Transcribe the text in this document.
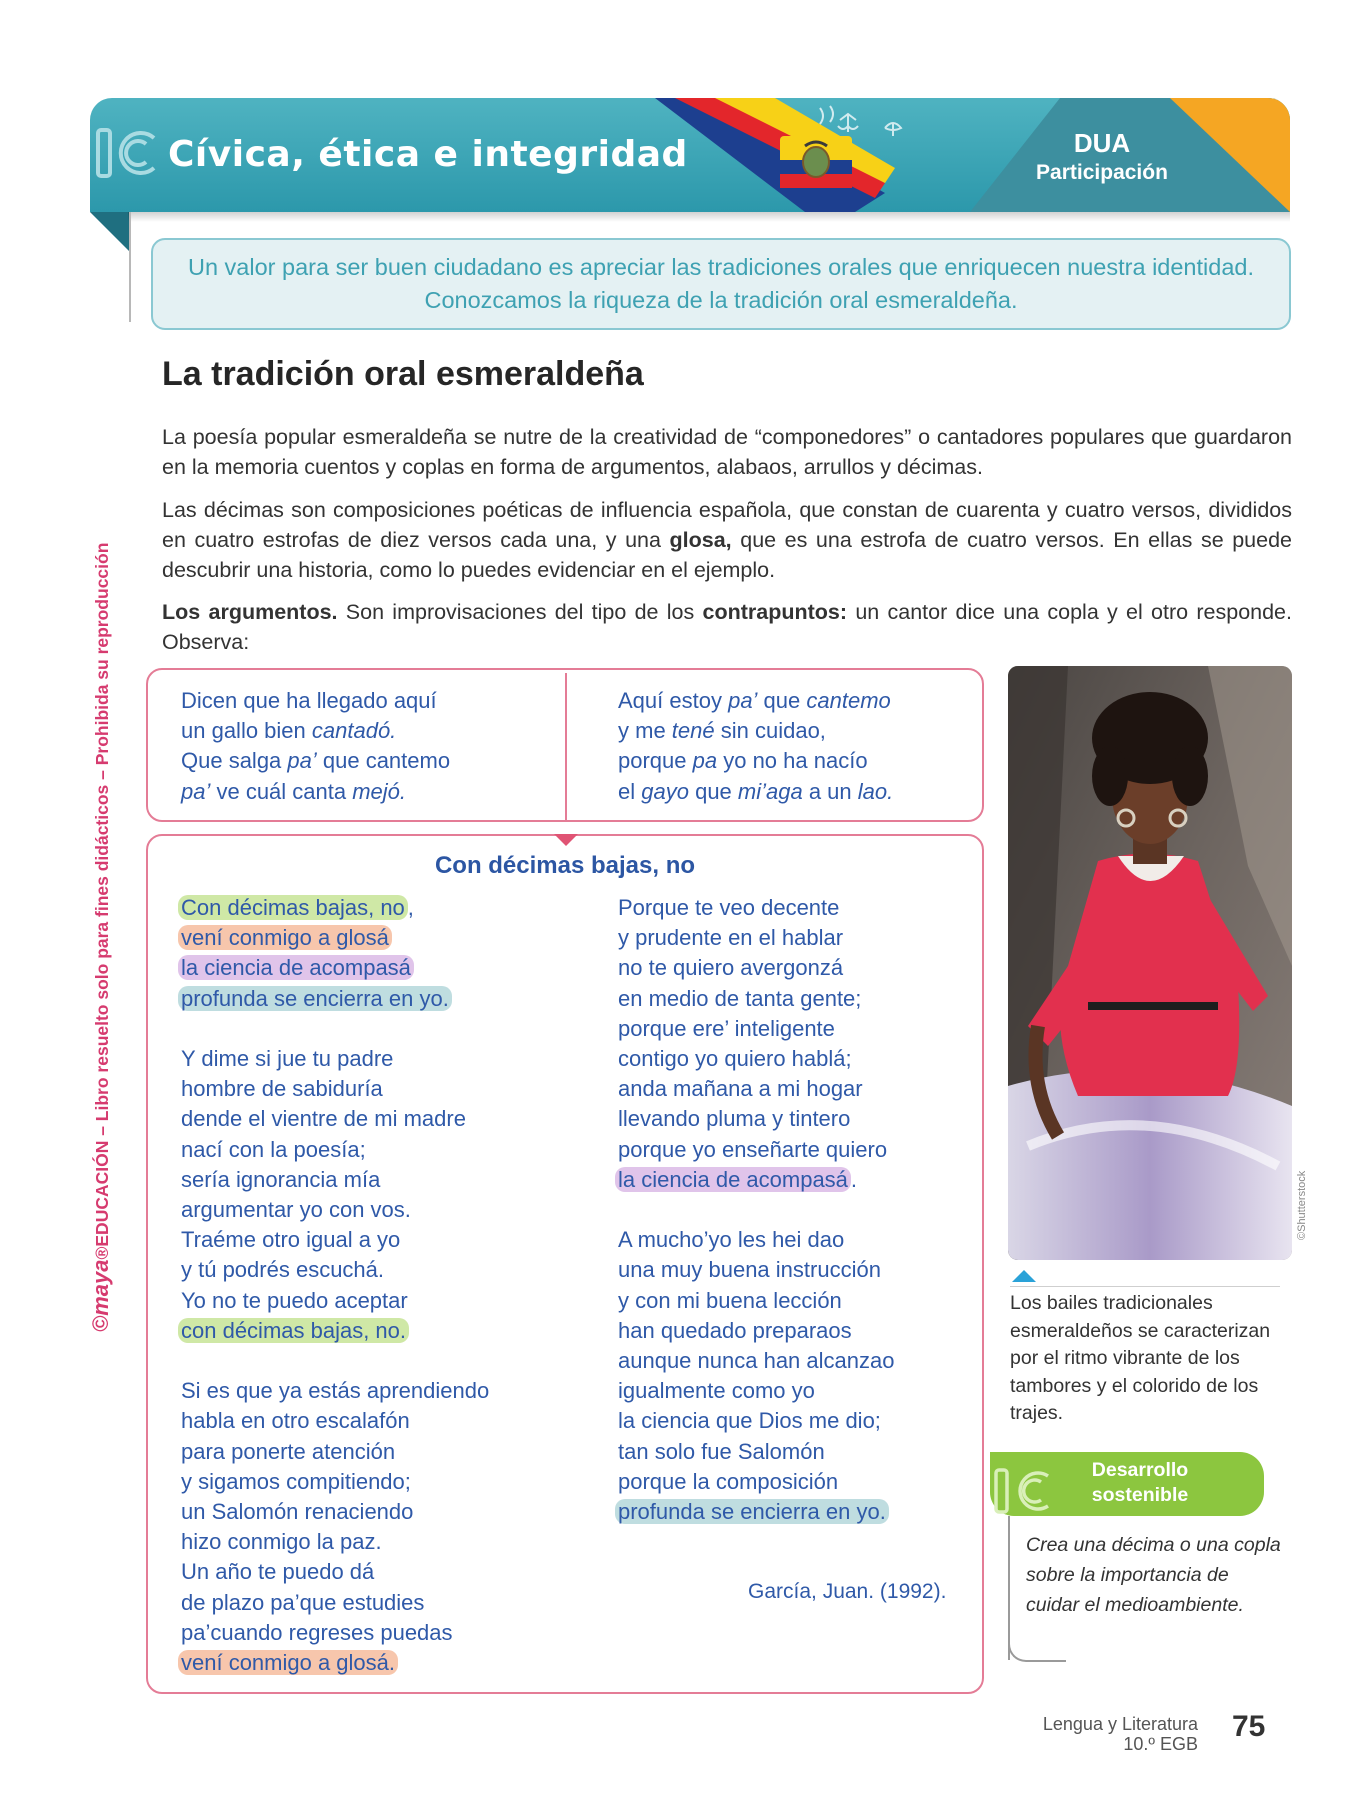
Cívica, ética e integridad	DUA
Participación
Un valor para ser buen ciudadano es apreciar las tradiciones orales que enriquecen nuestra identidad.
Conozcamos la riqueza de la tradición oral esmeraldeña.
La tradición oral esmeraldeña

La poesía popular esmeraldeña se nutre de la creatividad de “componedores” o cantadores populares que guardaron en la memoria cuentos y coplas en forma de argumentos, alabaos, arrullos y décimas.

Las décimas son composiciones poéticas de influencia española, que constan de cuarenta y cuatro versos, divididos en cuatro estrofas de diez versos cada una, y una glosa, que es una estrofa de cuatro versos. En ellas se puede descubrir una historia, como lo puedes evidenciar en el ejemplo.

Los argumentos. Son improvisaciones del tipo de los contrapuntos: un cantor dice una copla y el otro responde. Observa:

Dicen que ha llegado aquí
un gallo bien cantadó.
Que salga pa’ que cantemo
pa’ ve cuál canta mejó.
Aquí estoy pa’ que cantemo
y me tené sin cuidao,
porque pa yo no ha nacío
el gayo que mi’aga a un lao.
Con décimas bajas, no
Con décimas bajas, no ,
vení conmigo a glosá
la ciencia de acompasá
profunda se encierra en yo.
Y dime si jue tu padre
hombre de sabiduría
dende el vientre de mi madre
nací con la poesía;
sería ignorancia mía
argumentar yo con vos.
Traéme otro igual a yo
y tú podrés escuchá.
Yo no te puedo aceptar
con décimas bajas, no.
Si es que ya estás aprendiendo
habla en otro escalafón
para ponerte atención
y sigamos compitiendo;
un Salomón renaciendo
hizo conmigo la paz.
Un año te puedo dá
de plazo pa’que estudies
pa’cuando regreses puedas
vení conmigo a glosá.
Porque te veo decente
y prudente en el hablar
no te quiero avergonzá
en medio de tanta gente;
porque ere’ inteligente
contigo yo quiero hablá;
anda mañana a mi hogar
llevando pluma y tintero
porque yo enseñarte quiero
la ciencia de acompasá .
A mucho’yo les hei dao
una muy buena instrucción
y con mi buena lección
han quedado preparaos
aunque nunca han alcanzao
igualmente como yo
la ciencia que Dios me dio;
tan solo fue Salomón
porque la composición
profunda se encierra en yo.
García, Juan. (1992).
©Shutterstock
Los bailes tradicionales esmeraldeños se caracterizan por el ritmo vibrante de los tambores y el colorido de los trajes.
Desarrollo
sostenible
Crea una décima o una copla sobre la importancia de cuidar el medioambiente.
©maya®EDUCACIÓN – Libro resuelto solo para fines didácticos – Prohibida su reproducción
Lengua y Literatura
10.º EGB
75
